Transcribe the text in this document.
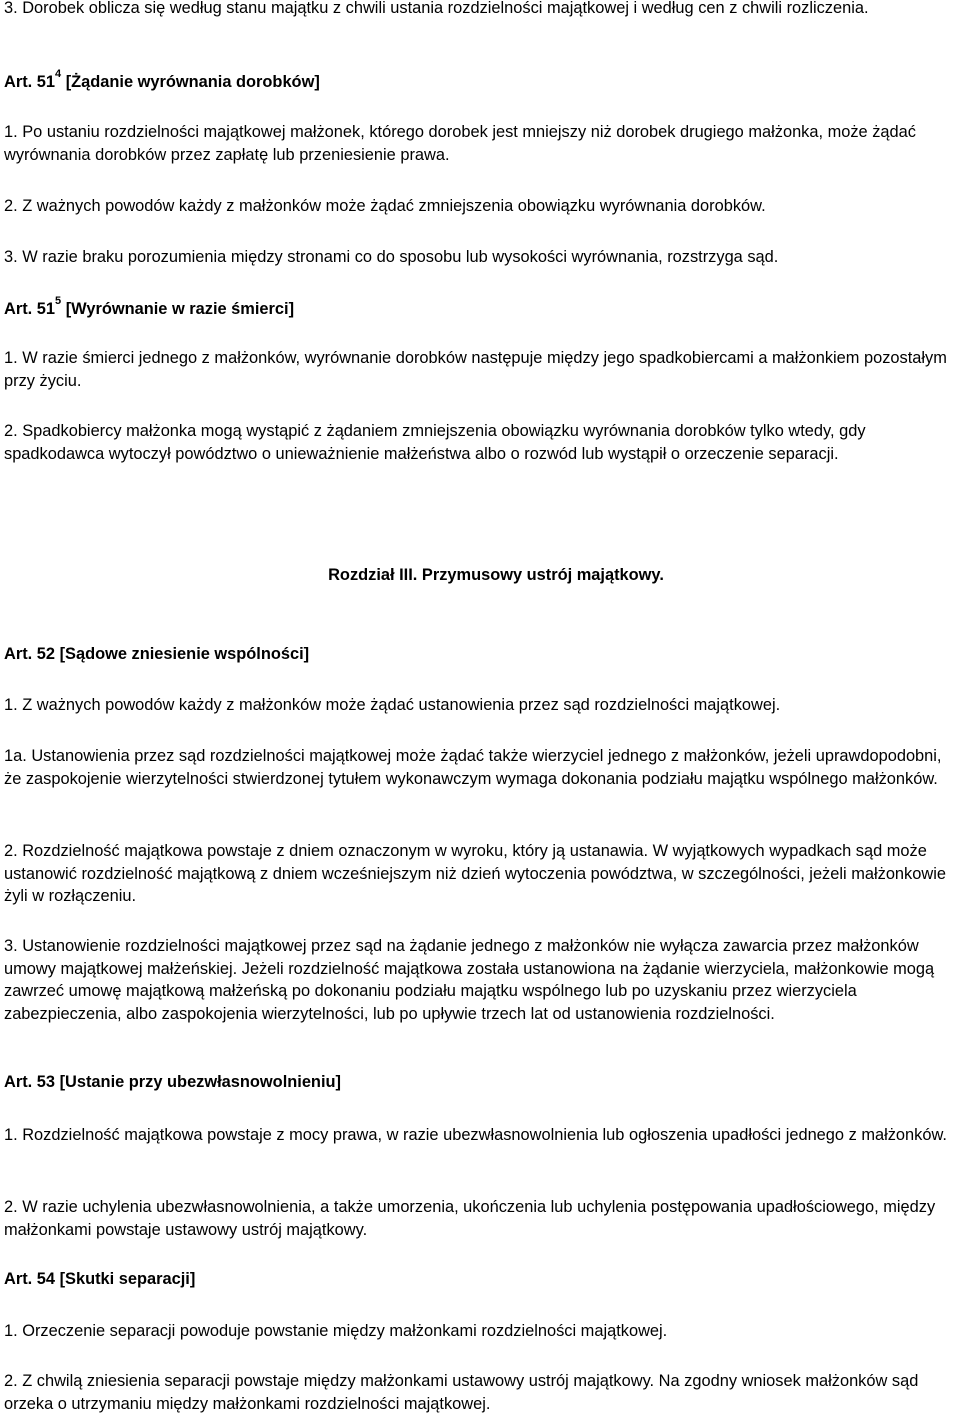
3. Dorobek oblicza się według stanu majątku z chwili ustania rozdzielności majątkowej i według cen z chwili rozliczenia.

Art. $51^4$ [Żądanie wyrównania dorobków]

1. Po ustaniu rozdzielności majątkowej małżonek, którego dorobek jest mniejszy niż dorobek drugiego małżonka, może żądać wyrównania dorobków przez zapłatę lub przeniesienie prawa.

2. Z ważnych powodów każdy z małżonków może żądać zmniejszenia obowiązku wyrównania dorobków.

3. W razie braku porozumienia między stronami co do sposobu lub wysokości wyrównania, rozstrzyga sąd.

Art. $51^5$ [Wyrównanie w razie śmierci]

1. W razie śmierci jednego z małżonków, wyrównanie dorobków następuje między jego spadkobiercami a małżonkiem pozostałym przy życiu.

2. Spadkobiercy małżonka mogą wystąpić z żądaniem zmniejszenia obowiązku wyrównania dorobków tylko wtedy, gdy spadkodawca wytoczył powództwo o unieważnienie małżeństwa albo o rozwód lub wystąpił o orzeczenie separacji.

Rozdział III. Przymusowy ustrój majątkowy.

Art. 52 [Sądowe zniesienie wspólności]

1. Z ważnych powodów każdy z małżonków może żądać ustanowienia przez sąd rozdzielności majątkowej.

1a. Ustanowienia przez sąd rozdzielności majątkowej może żądać także wierzyciel jednego z małżonków, jeżeli uprawdopodobni, że zaspokojenie wierzytelności stwierdzonej tytułem wykonawczym wymaga dokonania podziału majątku wspólnego małżonków.

2. Rozdzielność majątkowa powstaje z dniem oznaczonym w wyroku, który ją ustanawia. W wyjątkowych wypadkach sąd może ustanowić rozdzielność majątkową z dniem wcześniejszym niż dzień wytoczenia powództwa, w szczególności, jeżeli małżonkowie żyli w rozłączeniu.

3. Ustanowienie rozdzielności majątkowej przez sąd na żądanie jednego z małżonków nie wyłącza zawarcia przez małżonków umowy majątkowej małżeńskiej. Jeżeli rozdzielność majątkowa została ustanowiona na żądanie wierzyciela, małżonkowie mogą zawrzeć umowę majątkową małżeńską po dokonaniu podziału majątku wspólnego lub po uzyskaniu przez wierzyciela zabezpieczenia, albo zaspokojenia wierzytelności, lub po upływie trzech lat od ustanowienia rozdzielności.

Art. 53 [Ustanie przy ubezwłasnowolnieniu]

1. Rozdzielność majątkowa powstaje z mocy prawa, w razie ubezwłasnowolnienia lub ogłoszenia upadłości jednego z małżonków.

2. W razie uchylenia ubezwłasnowolnienia, a także umorzenia, ukończenia lub uchylenia postępowania upadłościowego, między małżonkami powstaje ustawowy ustrój majątkowy.

Art. 54 [Skutki separacji]

1. Orzeczenie separacji powoduje powstanie między małżonkami rozdzielności majątkowej.

2. Z chwilą zniesienia separacji powstaje między małżonkami ustawowy ustrój majątkowy. Na zgodny wniosek małżonków sąd orzeka o utrzymaniu między małżonkami rozdzielności majątkowej.
